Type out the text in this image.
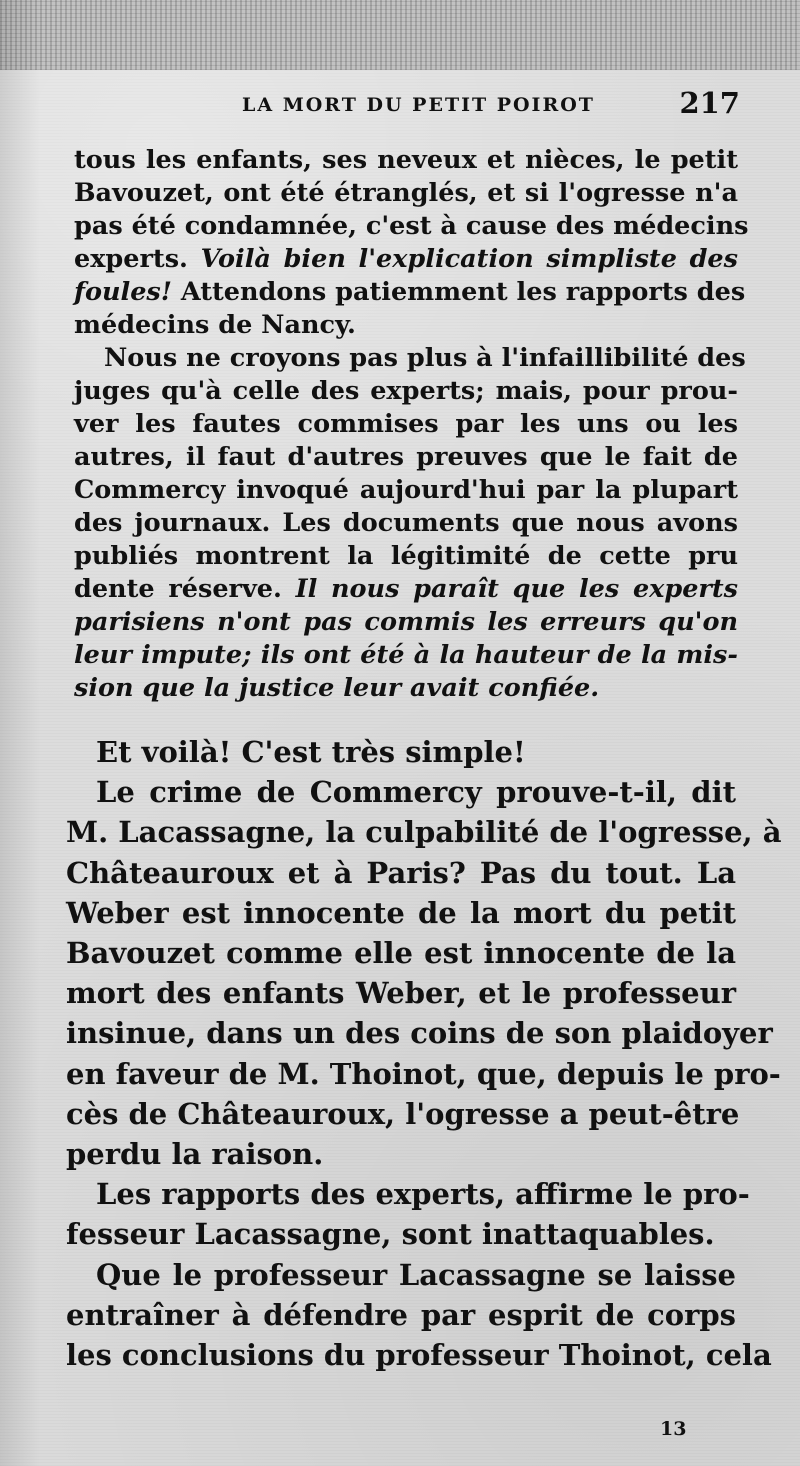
LA MORT DU PETIT POIROT	217
tous les enfants, ses neveux et nièces, le petit
Bavouzet, ont été étranglés, et si l'ogresse n'a
pas été condamnée, c'est à cause des médecins
experts. Voilà bien l'explication simpliste des
foules! Attendons patiemment les rapports des
médecins de Nancy.
Nous ne croyons pas plus à l'infaillibilité des
juges qu'à celle des experts; mais, pour prou-
ver les fautes commises par les uns ou les
autres, il faut d'autres preuves que le fait de
Commercy invoqué aujourd'hui par la plupart
des journaux. Les documents que nous avons
publiés montrent la légitimité de cette pru
dente réserve. Il nous paraît que les experts
parisiens n'ont pas commis les erreurs qu'on
leur impute; ils ont été à la hauteur de la mis-
sion que la justice leur avait confiée.
Et voilà! C'est très simple!
Le crime de Commercy prouve-t-il, dit
M. Lacassagne, la culpabilité de l'ogresse, à
Châteauroux et à Paris? Pas du tout. La
Weber est innocente de la mort du petit
Bavouzet comme elle est innocente de la
mort des enfants Weber, et le professeur
insinue, dans un des coins de son plaidoyer
en faveur de M. Thoinot, que, depuis le pro-
cès de Châteauroux, l'ogresse a peut-être
perdu la raison.
Les rapports des experts, affirme le pro-
fesseur Lacassagne, sont inattaquables.
Que le professeur Lacassagne se laisse
entraîner à défendre par esprit de corps
les conclusions du professeur Thoinot, cela
13
